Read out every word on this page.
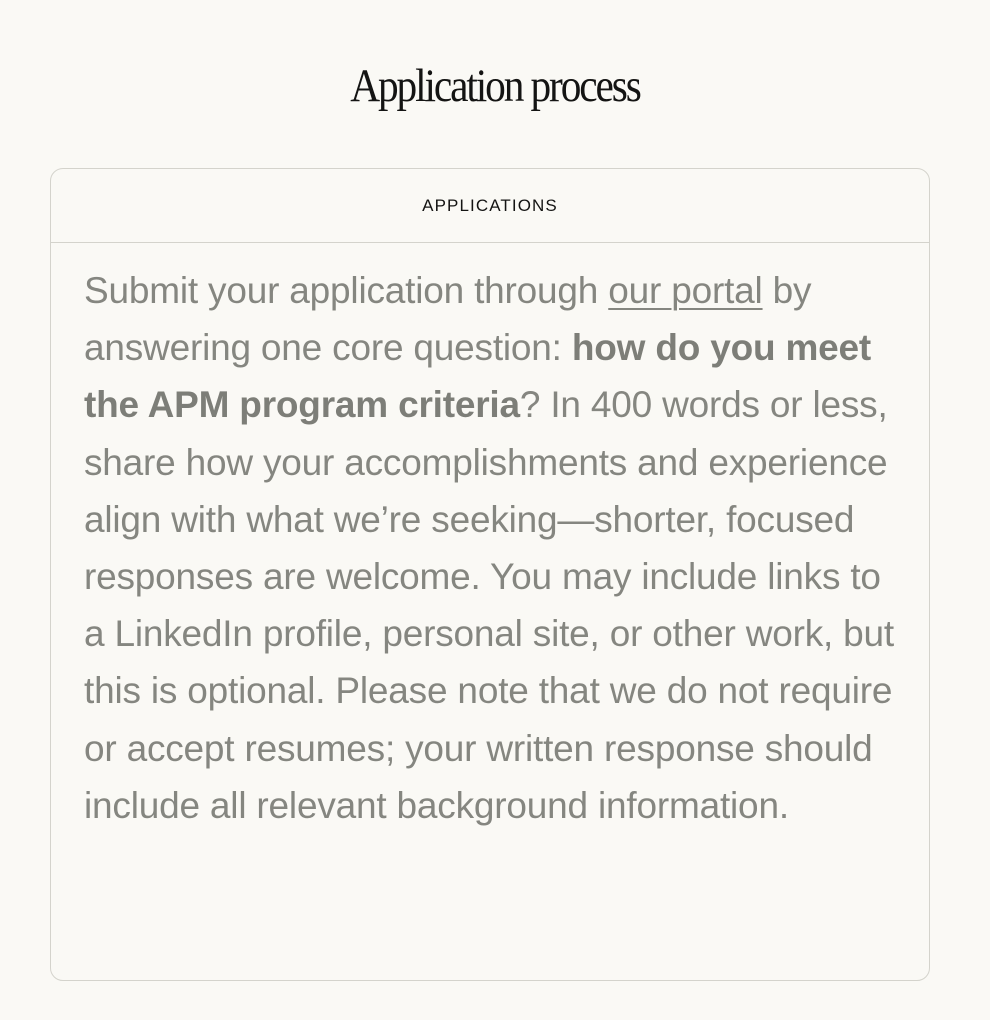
Application process
APPLICATIONS

Submit your application through our portal by answering one core question: how do you meet the APM program criteria? In 400 words or less, share how your accomplishments and experience align with what we’re seeking—shorter, focused responses are welcome. You may include links to a LinkedIn profile, personal site, or other work, but this is optional. Please note that we do not require or accept resumes; your written response should include all relevant background information.
